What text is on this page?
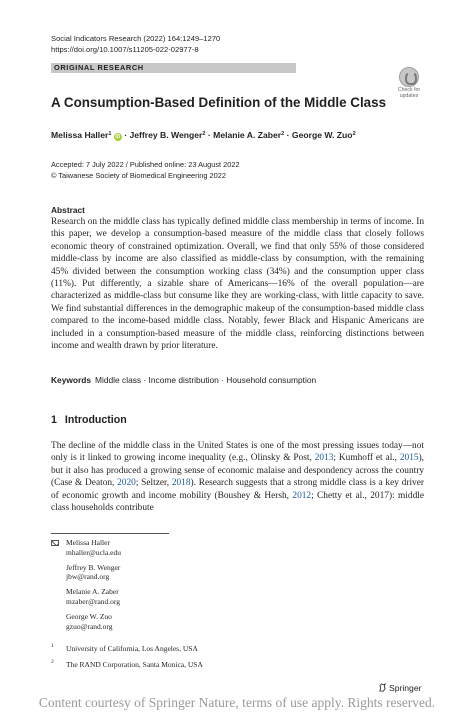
Social Indicators Research (2022) 164:1249–1270
https://doi.org/10.1007/s11205-022-02977-8
ORIGINAL RESEARCH
Check for
updates
A Consumption-Based Definition of the Middle Class
Melissa Haller$^1$ iD · Jeffrey B. Wenger$^2$ · Melanie A. Zaber$^2$ · George W. Zuo$^2$
Accepted: 7 July 2022 / Published online: 23 August 2022
© Taiwanese Society of Biomedical Engineering 2022
Abstract
Research on the middle class has typically defined middle class membership in terms of income. In this paper, we develop a consumption-based measure of the middle class that closely follows economic theory of constrained optimization. Overall, we find that only 55% of those considered middle-class by income are also classified as middle-class by consumption, with the remaining 45% divided between the consumption working class (34%) and the consumption upper class (11%). Put differently, a sizable share of Americans—16% of the overall population—are characterized as middle-class but consume like they are working-class, with little capacity to save. We find substantial differences in the demographic makeup of the consumption-based middle class compared to the income-based middle class. Notably, fewer Black and Hispanic Americans are included in a consumption-based measure of the middle class, reinforcing distinctions between income and wealth drawn by prior literature.
Keywords Middle class · Income distribution · Household consumption
1 Introduction
The decline of the middle class in the United States is one of the most pressing issues today—not only is it linked to growing income inequality (e.g., Olinsky & Post, 2013; Kumhoff et al., 2015), but it also has produced a growing sense of economic malaise and despondency across the country (Case & Deaton, 2020; Seltzer, 2018). Research suggests that a strong middle class is a key driver of economic growth and income mobility (Boushey & Hersh, 2012; Chetty et al., 2017): middle class households contribute
Melissa Haller
mhaller@ucla.edu
Jeffrey B. Wenger
jbw@rand.org
Melanie A. Zaber
mzaber@rand.org
George W. Zuo
gzuo@rand.org
1 University of California, Los Angeles, USA
2 The RAND Corporation, Santa Monica, USA
Springer
Content courtesy of Springer Nature, terms of use apply. Rights reserved.
